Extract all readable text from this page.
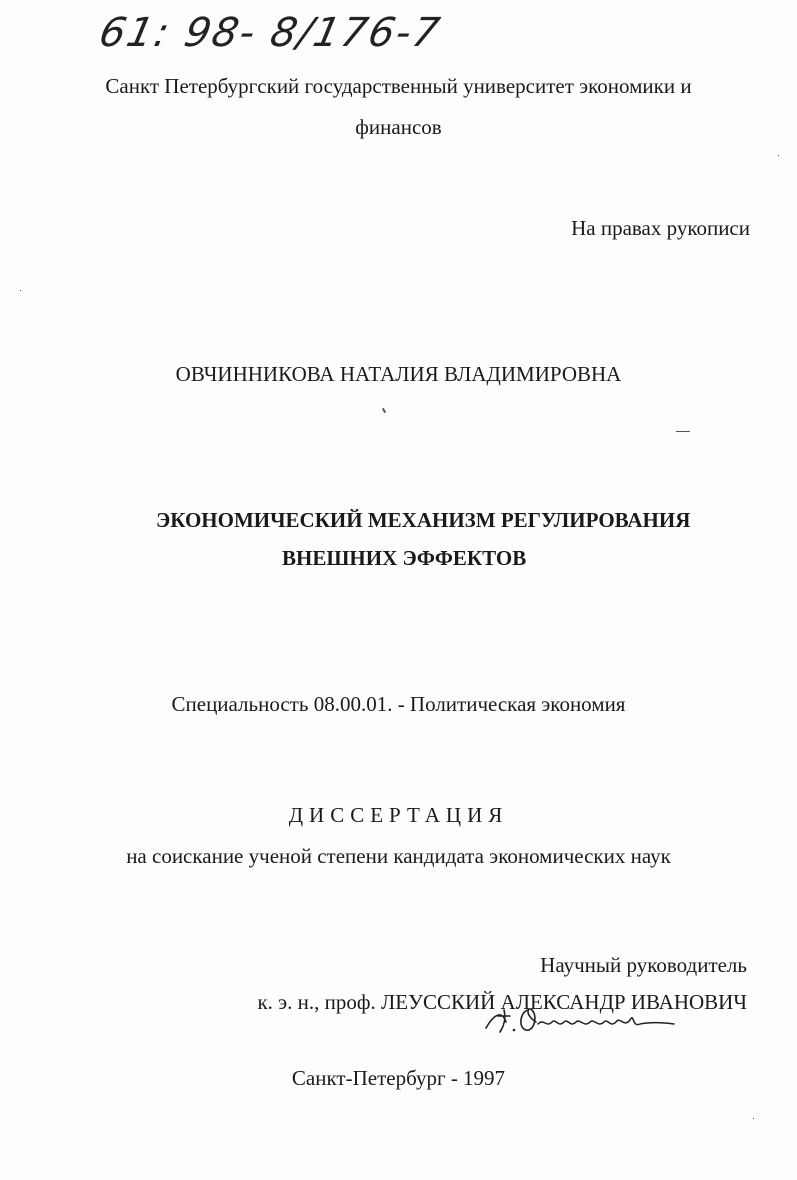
61: 98- 8/176-7
Санкт Петербургский государственный университет экономики и
финансов
На правах рукописи
ОВЧИННИКОВА НАТАЛИЯ ВЛАДИМИРОВНА
ЭКОНОМИЧЕСКИЙ МЕХАНИЗМ РЕГУЛИРОВАНИЯ
ВНЕШНИХ ЭФФЕКТОВ
Специальность 08.00.01. - Политическая экономия
ДИССЕРТАЦИЯ
на соискание ученой степени кандидата экономических наук
Научный руководитель
к. э. н., проф. ЛЕУССКИЙ АЛЕКСАНДР ИВАНОВИЧ
Санкт-Петербург - 1997
